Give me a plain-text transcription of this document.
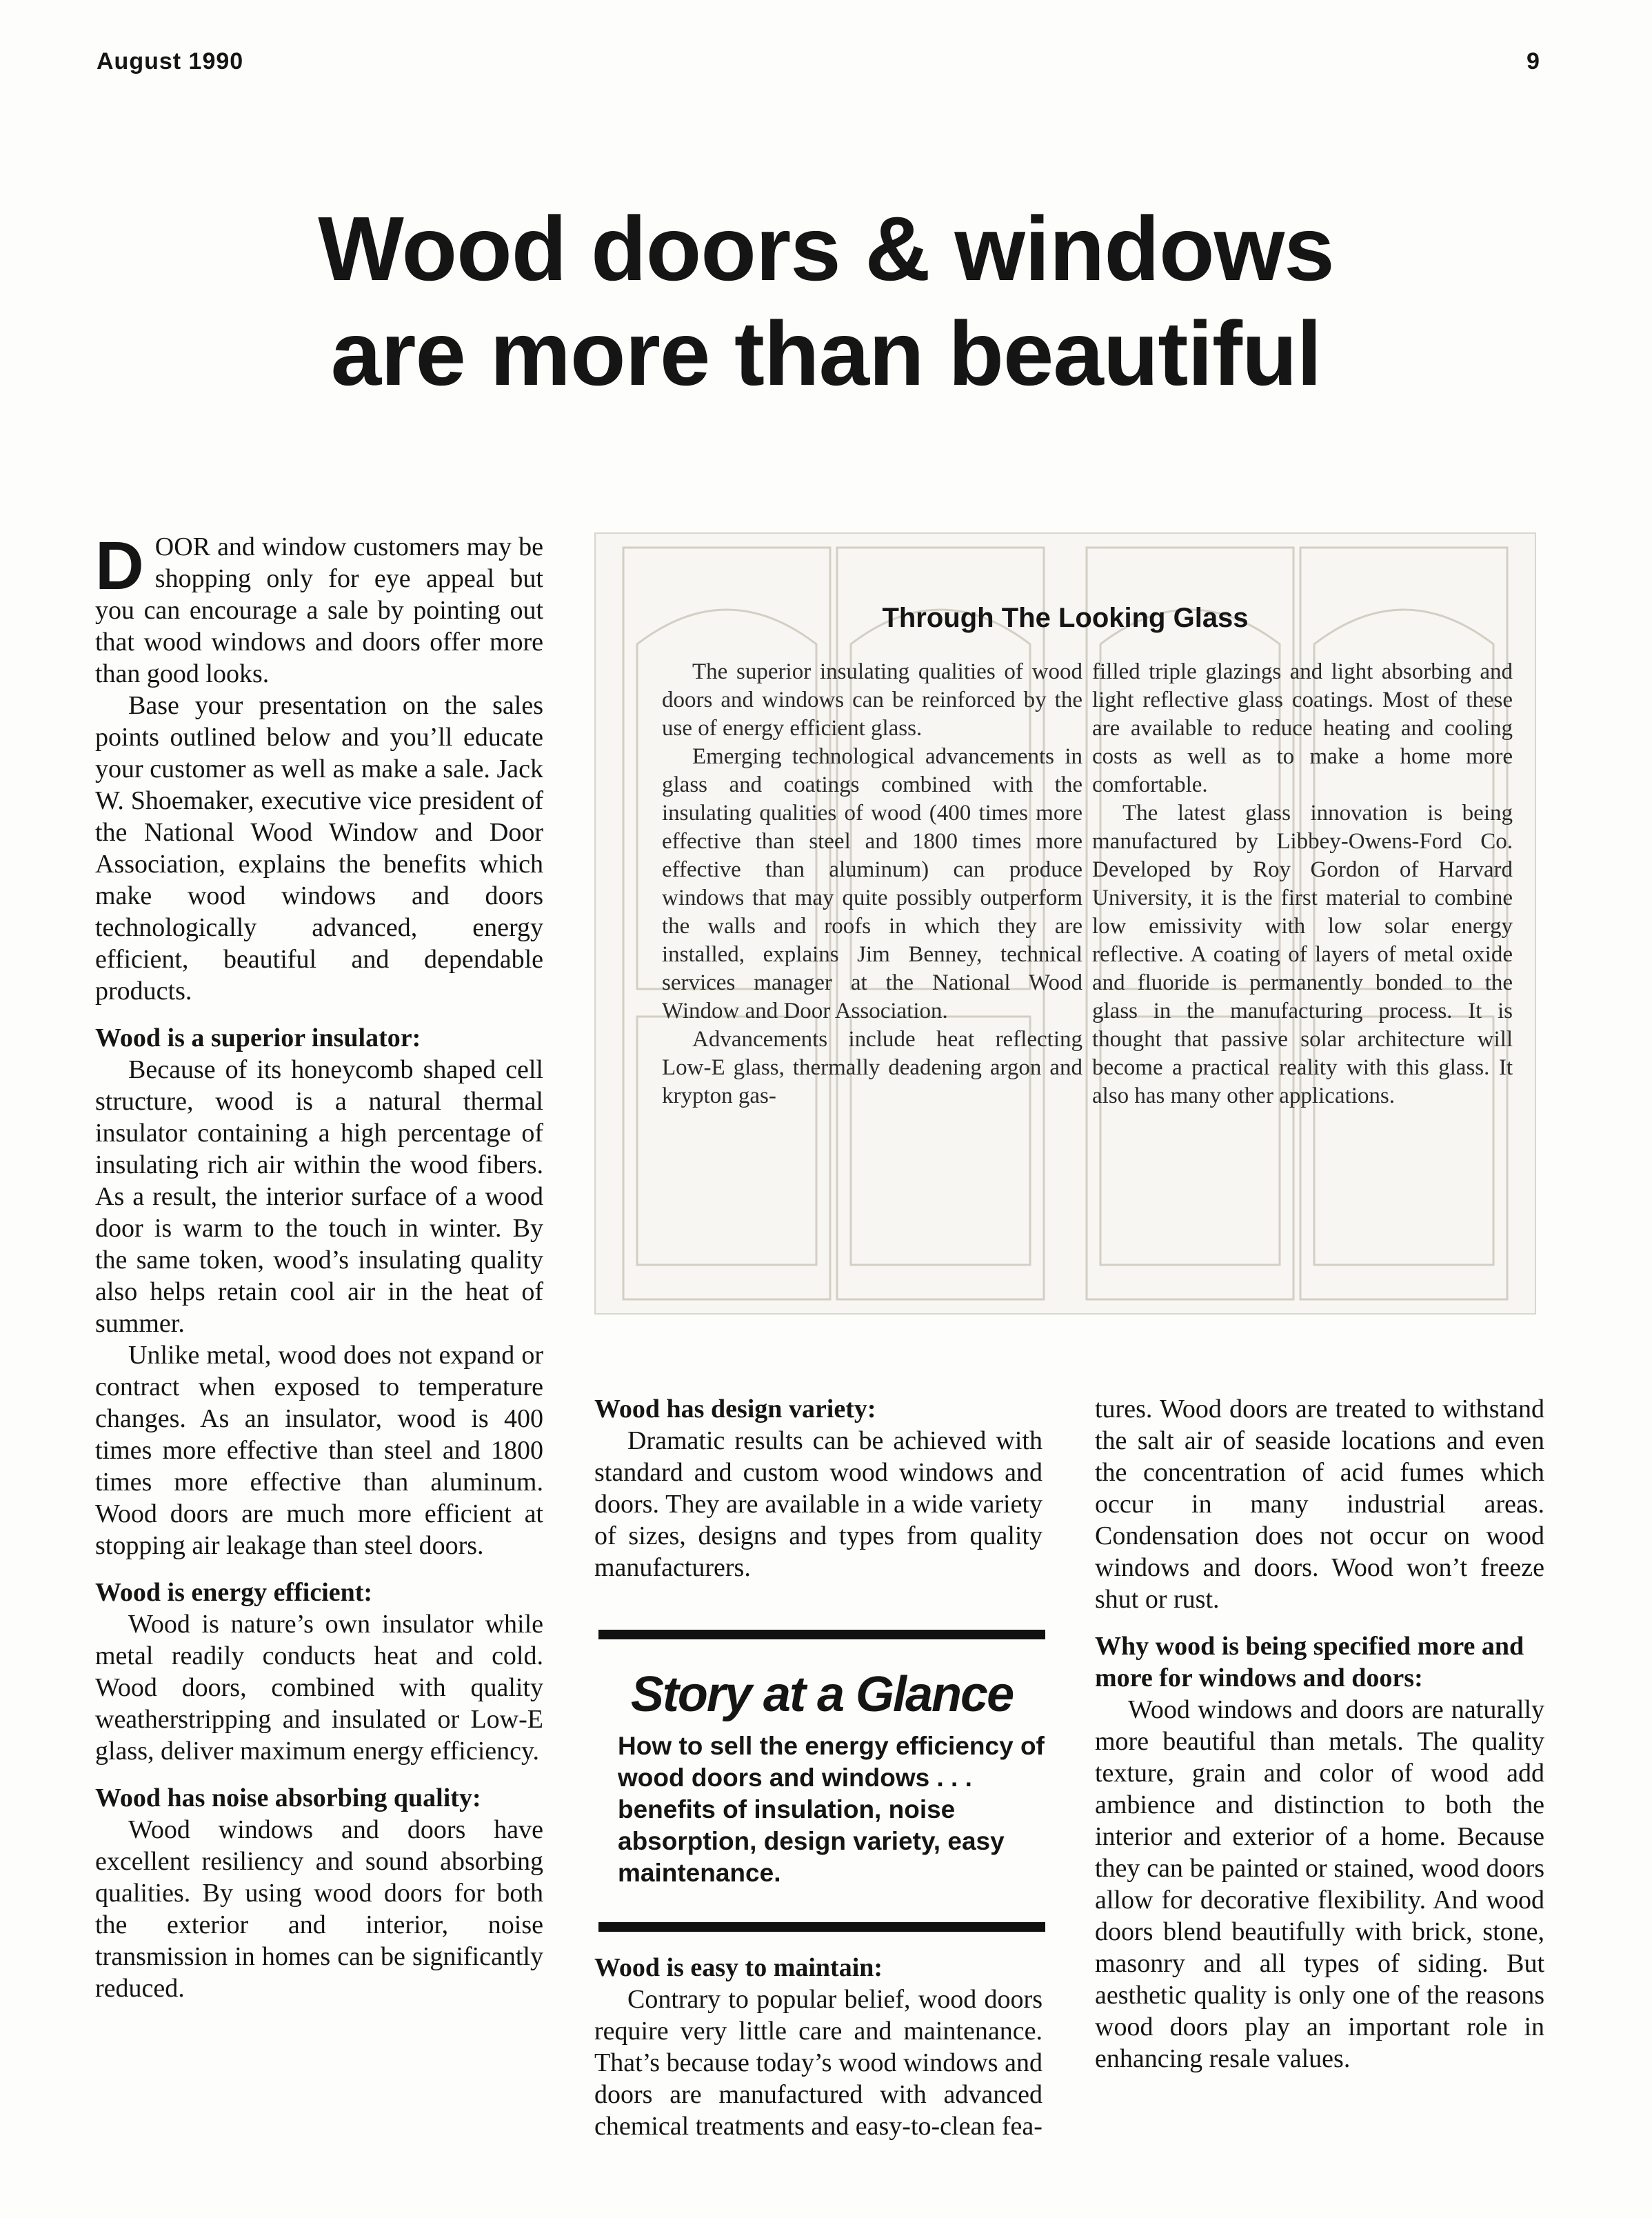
August 1990	9
Wood doors & windows
are more than beautiful

DOOR and window customers may be shopping only for eye appeal but you can encourage a sale by pointing out that wood windows and doors offer more than good looks.

Base your presentation on the sales points outlined below and you’ll educate your customer as well as make a sale. Jack W. Shoemaker, executive vice president of the National Wood Window and Door Association, explains the benefits which make wood windows and doors technologically advanced, energy efficient, beautiful and dependable products.

Wood is a superior insulator:

Because of its honeycomb shaped cell structure, wood is a natural thermal insulator containing a high percentage of insulating rich air within the wood fibers. As a result, the interior surface of a wood door is warm to the touch in winter. By the same token, wood’s insulating quality also helps retain cool air in the heat of summer.

Unlike metal, wood does not expand or contract when exposed to temperature changes. As an insulator, wood is 400 times more effective than steel and 1800 times more effective than aluminum. Wood doors are much more efficient at stopping air leakage than steel doors.

Wood is energy efficient:

Wood is nature’s own insulator while metal readily conducts heat and cold. Wood doors, combined with quality weatherstripping and insulated or Low-E glass, deliver maximum energy efficiency.

Wood has noise absorbing quality:

Wood windows and doors have excellent resiliency and sound absorbing qualities. By using wood doors for both the exterior and interior, noise transmission in homes can be significantly reduced.

Through The Looking Glass

The superior insulating qualities of wood doors and windows can be reinforced by the use of energy efficient glass.

Emerging technological advancements in glass and coatings combined with the insulating qualities of wood (400 times more effective than steel and 1800 times more effective than aluminum) can produce windows that may quite possibly outperform the walls and roofs in which they are installed, explains Jim Benney, technical services manager at the National Wood Window and Door Association.

Advancements include heat reflecting Low-E glass, thermally deadening argon and krypton gas-

filled triple glazings and light absorbing and light reflective glass coatings. Most of these are available to reduce heating and cooling costs as well as to make a home more comfortable.

The latest glass innovation is being manufactured by Libbey-Owens-Ford Co. Developed by Roy Gordon of Harvard University, it is the first material to combine low emissivity with low solar energy reflective. A coating of layers of metal oxide and fluoride is permanently bonded to the glass in the manufacturing process. It is thought that passive solar architecture will become a practical reality with this glass. It also has many other applications.

Wood has design variety:

Dramatic results can be achieved with standard and custom wood windows and doors. They are available in a wide variety of sizes, designs and types from quality manufacturers.

Story at a Glance
How to sell the energy efficiency of wood doors and windows . . . benefits of insulation, noise absorption, design variety, easy maintenance.
Wood is easy to maintain:

Contrary to popular belief, wood doors require very little care and maintenance. That’s because today’s wood windows and doors are manufactured with advanced chemical treatments and easy-to-clean fea-

tures. Wood doors are treated to withstand the salt air of seaside locations and even the concentration of acid fumes which occur in many industrial areas. Condensation does not occur on wood windows and doors. Wood won’t freeze shut or rust.

Why wood is being specified more and more for windows and doors:

Wood windows and doors are naturally more beautiful than metals. The quality texture, grain and color of wood add ambience and distinction to both the interior and exterior of a home. Because they can be painted or stained, wood doors allow for decorative flexibility. And wood doors blend beautifully with brick, stone, masonry and all types of siding. But aesthetic quality is only one of the reasons wood doors play an important role in enhancing resale values.
